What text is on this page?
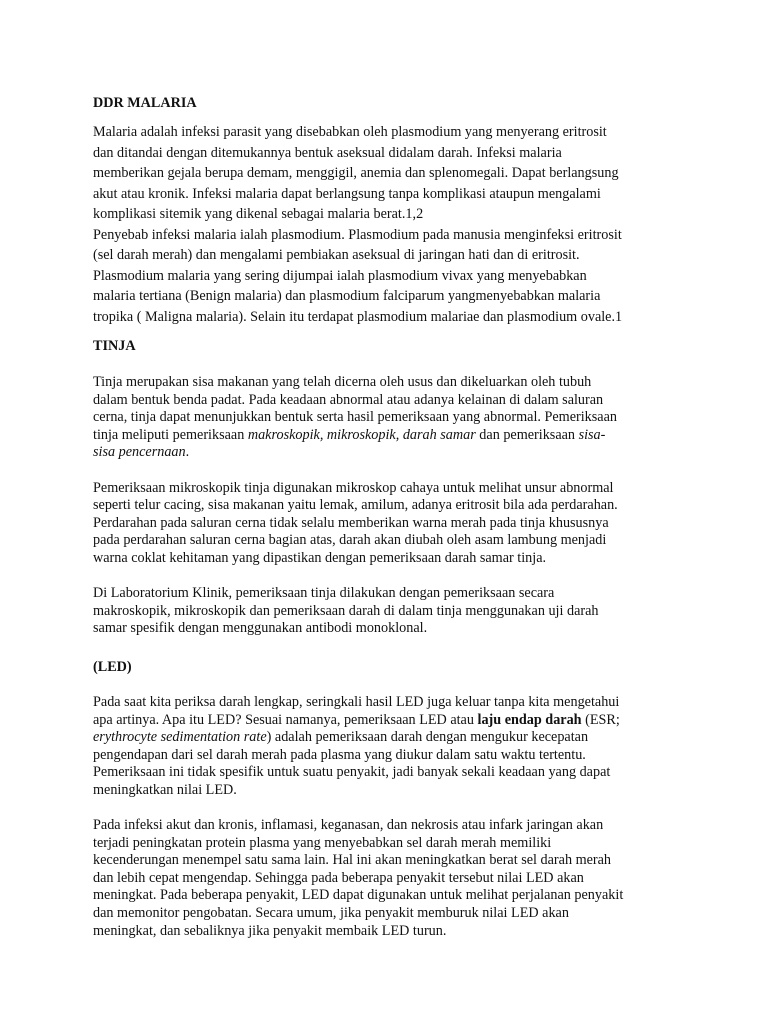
DDR MALARIA

Malaria adalah infeksi parasit yang disebabkan oleh plasmodium yang menyerang eritrosit
dan ditandai dengan ditemukannya bentuk aseksual didalam darah. Infeksi malaria
memberikan gejala berupa demam, menggigil, anemia dan splenomegali. Dapat berlangsung
akut atau kronik. Infeksi malaria dapat berlangsung tanpa komplikasi ataupun mengalami
komplikasi sitemik yang dikenal sebagai malaria berat.1,2
Penyebab infeksi malaria ialah plasmodium. Plasmodium pada manusia menginfeksi eritrosit
(sel darah merah) dan mengalami pembiakan aseksual di jaringan hati dan di eritrosit.
Plasmodium malaria yang sering dijumpai ialah plasmodium vivax yang menyebabkan
malaria tertiana (Benign malaria) dan plasmodium falciparum yangmenyebabkan malaria
tropika ( Maligna malaria). Selain itu terdapat plasmodium malariae dan plasmodium ovale.1

TINJA

Tinja merupakan sisa makanan yang telah dicerna oleh usus dan dikeluarkan oleh tubuh
dalam bentuk benda padat. Pada keadaan abnormal atau adanya kelainan di dalam saluran
cerna, tinja dapat menunjukkan bentuk serta hasil pemeriksaan yang abnormal. Pemeriksaan
tinja meliputi pemeriksaan makroskopik, mikroskopik, darah samar dan pemeriksaan sisa-
sisa pencernaan.

Pemeriksaan mikroskopik tinja digunakan mikroskop cahaya untuk melihat unsur abnormal
seperti telur cacing, sisa makanan yaitu lemak, amilum, adanya eritrosit bila ada perdarahan.
Perdarahan pada saluran cerna tidak selalu memberikan warna merah pada tinja khususnya
pada perdarahan saluran cerna bagian atas, darah akan diubah oleh asam lambung menjadi
warna coklat kehitaman yang dipastikan dengan pemeriksaan darah samar tinja.

Di Laboratorium Klinik, pemeriksaan tinja dilakukan dengan pemeriksaan secara
makroskopik, mikroskopik dan pemeriksaan darah di dalam tinja menggunakan uji darah
samar spesifik dengan menggunakan antibodi monoklonal.

(LED)

Pada saat kita periksa darah lengkap, seringkali hasil LED juga keluar tanpa kita mengetahui
apa artinya. Apa itu LED? Sesuai namanya, pemeriksaan LED atau laju endap darah (ESR;
erythrocyte sedimentation rate) adalah pemeriksaan darah dengan mengukur kecepatan
pengendapan dari sel darah merah pada plasma yang diukur dalam satu waktu tertentu.
Pemeriksaan ini tidak spesifik untuk suatu penyakit, jadi banyak sekali keadaan yang dapat
meningkatkan nilai LED.

Pada infeksi akut dan kronis, inflamasi, keganasan, dan nekrosis atau infark jaringan akan
terjadi peningkatan protein plasma yang menyebabkan sel darah merah memiliki
kecenderungan menempel satu sama lain. Hal ini akan meningkatkan berat sel darah merah
dan lebih cepat mengendap. Sehingga pada beberapa penyakit tersebut nilai LED akan
meningkat. Pada beberapa penyakit, LED dapat digunakan untuk melihat perjalanan penyakit
dan memonitor pengobatan. Secara umum, jika penyakit memburuk nilai LED akan
meningkat, dan sebaliknya jika penyakit membaik LED turun.
